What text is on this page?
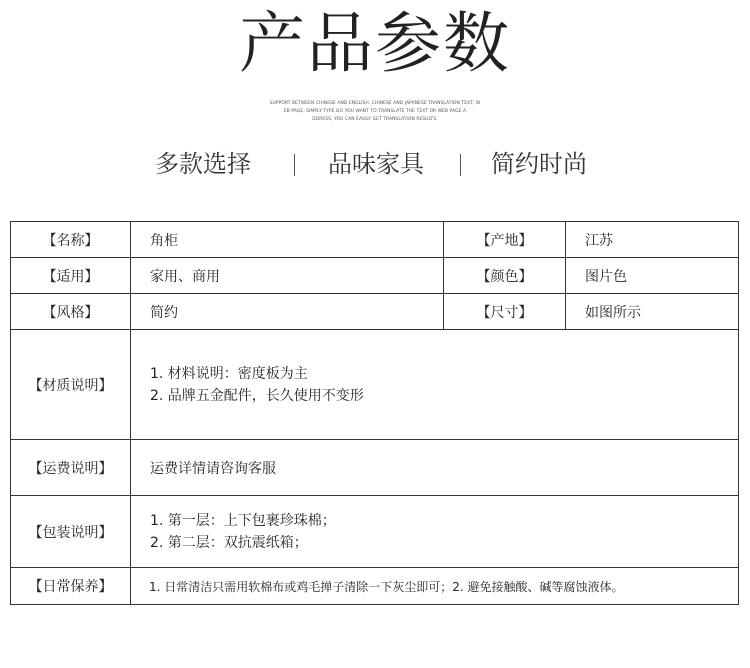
产品参数
SUPPORT BETWEEN CHINESE AND ENGLISH, CHINESE AND JAPANESE TRANSLATION TEXT, W
EB PAGE, SIMPLY TYPE DO YOU WANT TO TRANSLATE THE TEXT OR WEB PAGE A
DDRESS, YOU CAN EASILY GET TRANSLATION RESULTS.
多款选择	品味家具	简约时尚
【名称】	角柜	【产地】	江苏
【适用】	家用、商用	【颜色】	图片色
【风格】	简约	【尺寸】	如图所示
【材质说明】	1. 材料说明：密度板为主
2. 品牌五金配件，长久使用不变形		

【运费说明】	运费详情请咨询客服		
【包装说明】	1. 第一层：上下包裹珍珠棉；
2. 第二层：双抗震纸箱；		

【日常保养】	1. 日常清洁只需用软棉布或鸡毛掸子清除一下灰尘即可；2. 避免接触酸、碱等腐蚀液体。		
